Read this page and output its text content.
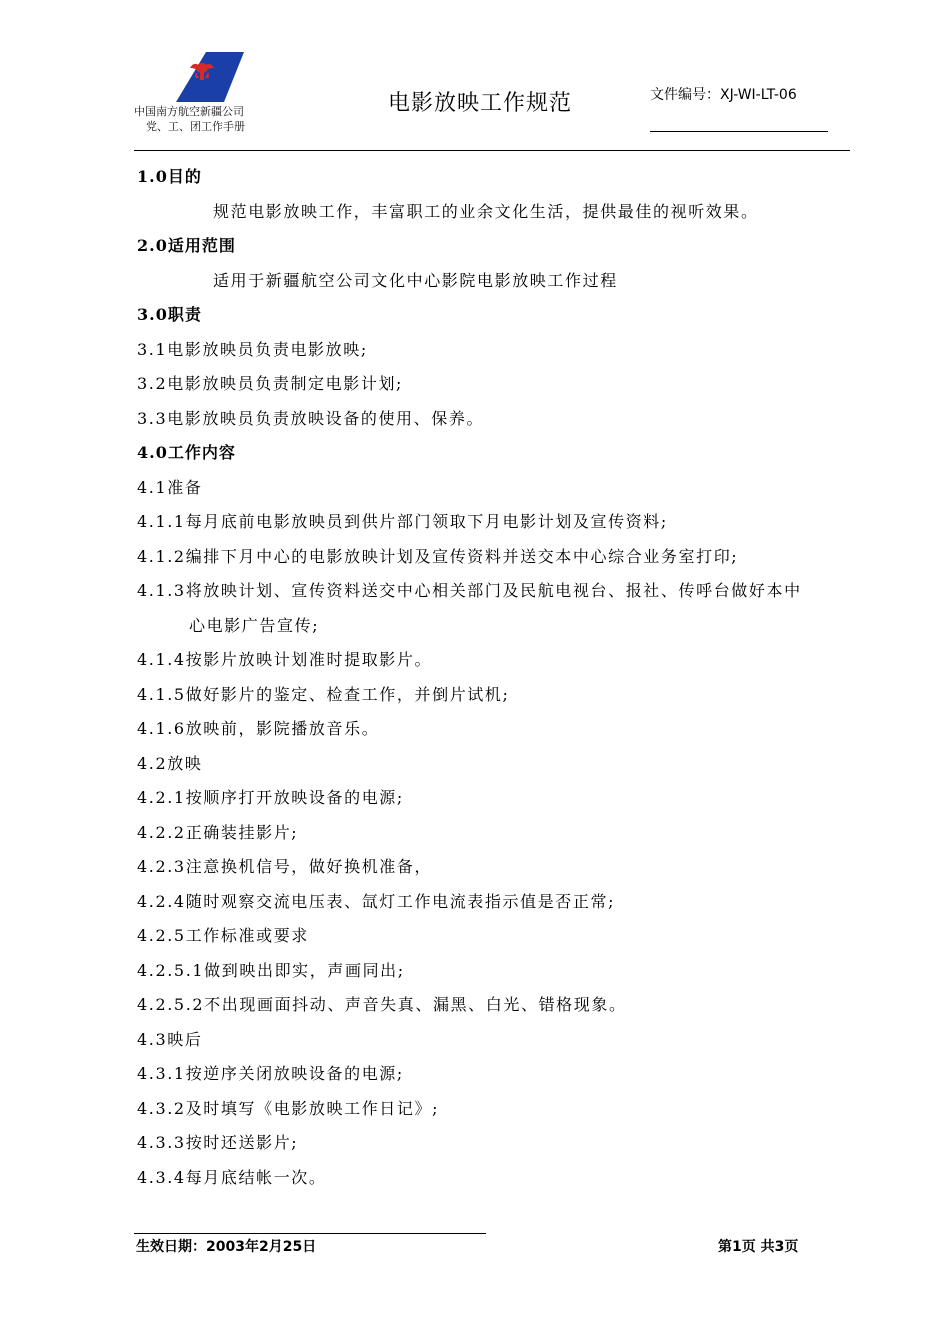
中国南方航空新疆公司
党、工、团工作手册
电影放映工作规范	文件编号：XJ-WI-LT-06
1.0目的
规范电影放映工作，丰富职工的业余文化生活，提供最佳的视听效果。
2.0适用范围
适用于新疆航空公司文化中心影院电影放映工作过程
3.0职责
3.1电影放映员负责电影放映;
3.2电影放映员负责制定电影计划;
3.3电影放映员负责放映设备的使用、保养。
4.0工作内容
4.1准备
4.1.1每月底前电影放映员到供片部门领取下月电影计划及宣传资料;
4.1.2编排下月中心的电影放映计划及宣传资料并送交本中心综合业务室打印;
4.1.3将放映计划、宣传资料送交中心相关部门及民航电视台、报社、传呼台做好本中
心电影广告宣传;
4.1.4按影片放映计划准时提取影片。
4.1.5做好影片的鉴定、检查工作，并倒片试机;
4.1.6放映前，影院播放音乐。
4.2放映
4.2.1按顺序打开放映设备的电源;
4.2.2正确装挂影片;
4.2.3注意换机信号，做好换机准备，
4.2.4随时观察交流电压表、氙灯工作电流表指示值是否正常;
4.2.5工作标准或要求
4.2.5.1做到映出即实，声画同出;
4.2.5.2不出现画面抖动、声音失真、漏黑、白光、错格现象。
4.3映后
4.3.1按逆序关闭放映设备的电源;
4.3.2及时填写《电影放映工作日记》;
4.3.3按时还送影片;
4.3.4每月底结帐一次。
生效日期：2003年2月25日	第1页 共3页
